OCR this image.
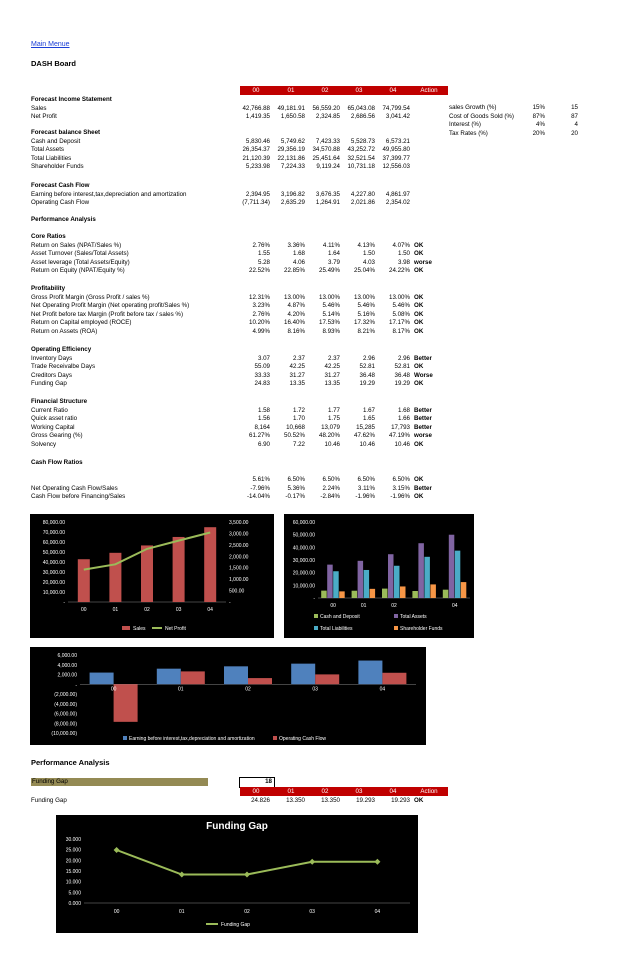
Main Menue
DASH Board
00	01	02	03	04	Action
Forecast Income Statement
Sales	42,766.88	49,181.91	56,559.20	65,043.08	74,799.54
Net Profit	1,419.35	1,650.58	2,324.85	2,686.56	3,041.42
Forecast balance Sheet
Cash and Deposit	5,830.46	5,749.62	7,423.33	5,528.73	6,573.21
Total Assets	26,354.37	29,356.19	34,570.88	43,252.72	49,955.80
Total Liabilities	21,120.39	22,131.86	25,451.64	32,521.54	37,399.77
Shareholder Funds	5,233.98	7,224.33	9,119.24	10,731.18	12,556.03
Forecast Cash Flow
Earning before interest,tax,depreciation and amortization	2,394.95	3,196.82	3,676.35	4,227.80	4,861.97
Operating Cash Flow	(7,711.34)	2,635.29	1,264.91	2,021.86	2,354.02
Performance Analysis
Core Ratios
Return on Sales (NPAT/Sales %)	2.76%	3.36%	4.11%	4.13%	4.07% OK
Asset Turnover (Sales/Total Assets)	1.55	1.68	1.64	1.50	1.50 OK
Asset leverage (Total Assets/Equity)	5.28	4.06	3.79	4.03	3.98 worse
Return on Equity (NPAT/Equity %)	22.52%	22.85%	25.49%	25.04%	24.22% OK
Profitability
Gross Profit Margin (Gross Profit / sales %)	12.31%	13.00%	13.00%	13.00%	13.00% OK
Net Operating Profit Margin (Net operating profit/Sales %)	3.23%	4.87%	5.46%	5.46%	5.46% OK
Net Profit before tax Margin (Profit before tax / sales %)	2.76%	4.20%	5.14%	5.16%	5.08% OK
Return on Capital employed (ROCE)	10.20%	16.40%	17.53%	17.32%	17.17% OK
Return on Assets (ROA)	4.99%	8.16%	8.93%	8.21%	8.17% OK
Operating Efficiency
Inventory Days	3.07	2.37	2.37	2.96	2.96 Better
Trade Receivalbe Days	55.09	42.25	42.25	52.81	52.81 OK
Creditors Days	33.33	31.27	31.27	36.48	36.48 Worse
Funding Gap	24.83	13.35	13.35	19.29	19.29 OK
Financial Structure
Current Ratio	1.58	1.72	1.77	1.67	1.68 Better
Quick asset ratio	1.56	1.70	1.75	1.65	1.66 Better
Working Capital	8,164	10,668	13,079	15,285	17,793 Better
Gross Gearing (%)	61.27%	50.52%	48.20%	47.62%	47.19% worse
Solvency	6.90	7.22	10.46	10.46	10.46 OK
Cash Flow Ratios
5.61%	6.50%	6.50%	6.50%	6.50% OK
Net Operating Cash Flow/Sales	-7.96%	5.36%	2.24%	3.11%	3.15% Better
Cash Flow before Financing/Sales	-14.04%	-0.17%	-2.84%	-1.96%	-1.96% OK
sales Growth (%)	15%	15
Cost of Goods Sold (%)	87%	87
Interest (%)	4%	4
Tax Rates (%)	20%	20
80,000.00
70,000.00
60,000.00
50,000.00
40,000.00
30,000.00
20,000.00
10,000.00
-
3,500.00
3,000.00
2,500.00
2,000.00
1,500.00
1,000.00
500.00
-
00	01	02	03	04
Sales	Net Profit
60,000.00
50,000.00
40,000.00
30,000.00
20,000.00
10,000.00
-
00	01	02	04
Cash and Deposit	Total Assets
Total Liabilities	Shareholder Funds
6,000.00
4,000.00
2,000.00
-
(2,000.00)
(4,000.00)
(6,000.00)
(8,000.00)
(10,000.00)
00	01	02	03	04
Earning before interest,tax,depreciation and amortization	Operating Cash Flow
Performance Analysis
Funding Gap	18
00	01	02	03	04	Action
Funding Gap	24.826	13.350	13.350	19.293	19.293 OK
Funding Gap
30.000
25.000
20.000
15.000
10.000
5.000
0.000
00	01	02	03	04
Funding Gap
